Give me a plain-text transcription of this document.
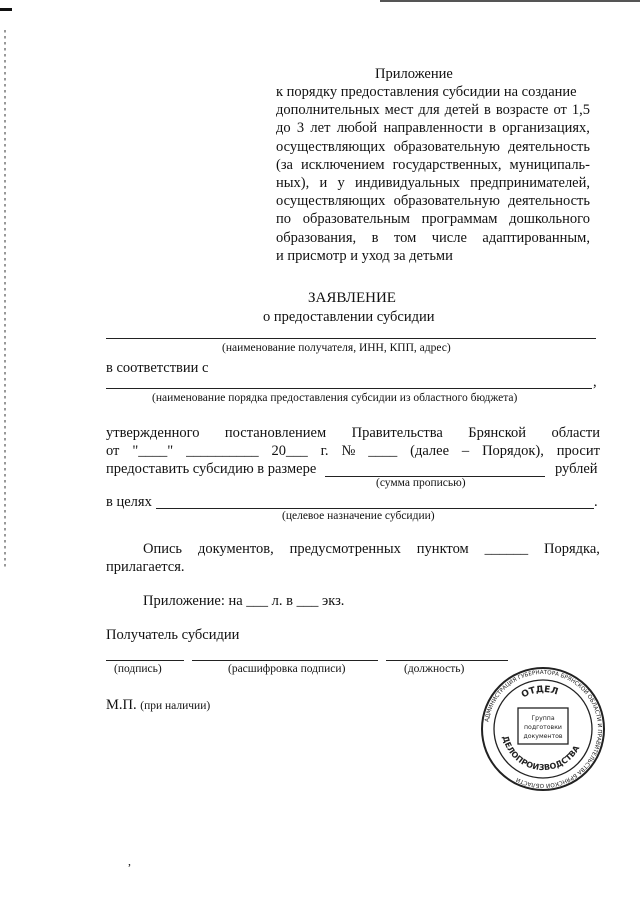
Приложение
к порядку предоставления субсидии на создание
дополнительных мест для детей в возрасте от 1,5
до 3 лет любой направленности в организациях,
осуществляющих образовательную деятельность
(за исключением государственных, муниципаль-
ных), и у индивидуальных предпринимателей,
осуществляющих образовательную деятельность
по образовательным программам дошкольного
образования, в том числе адаптированным,
и присмотр и уход за детьми
ЗАЯВЛЕНИЕ
о предоставлении субсидии
(наименование получателя, ИНН, КПП, адрес)
в соответствии с
,
(наименование порядка предоставления субсидии из областного бюджета)
утвержденного постановлением Правительства Брянской области
от "____" __________ 20___ г. № ____ (далее – Порядок), просит
предоставить субсидию в размере	рублей
(сумма прописью)
в целях	.
(целевое назначение субсидии)
Опись документов, предусмотренных пунктом ______ Порядка,
прилагается.
Приложение: на ___ л. в ___ экз.
Получатель субсидии
(подпись)	(расшифровка подписи)	(должность)
М.П. (при наличии)
АДМИНИСТРАЦИЯ ГУБЕРНАТОРА БРЯНСКОЙ ОБЛАСТИ И ПРАВИТЕЛЬСТВА БРЯНСКОЙ ОБЛАСТИ
ОТДЕЛ
ДЕЛОПРОИЗВОДСТВА
Группа подготовки документов
,
